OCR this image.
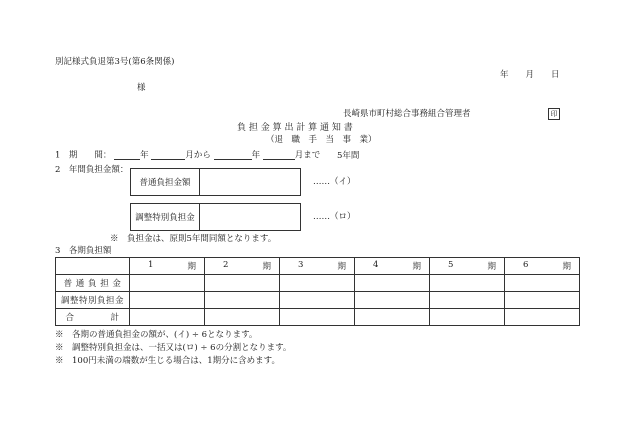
別記様式負退第3号(第6条関係)
年　　月　　日
様
長崎県市町村総合事務組合管理者	印
負 担 金 算 出 計 算 通 知 書
（退　職　手　当　事　業）
1　期　　間：	年	月から	年	月まで 5年間
2　年間負担金額：
普通負担金額	……（イ）
調整特別負担金	……（ロ）
※　負担金は、原則5年間同額となります。
3　各期負担額

	1 期	2 期	3 期	4 期	5 期	6 期

普 通 負 担 金						
調整特別負担金						
合　　　　計						
※　各期の普通負担金の額が、(イ) ÷ 6となります。
※　調整特別負担金は、一括又は(ロ) ÷ 6の分割となります。
※　100円未満の端数が生じる場合は、1期分に含めます。
